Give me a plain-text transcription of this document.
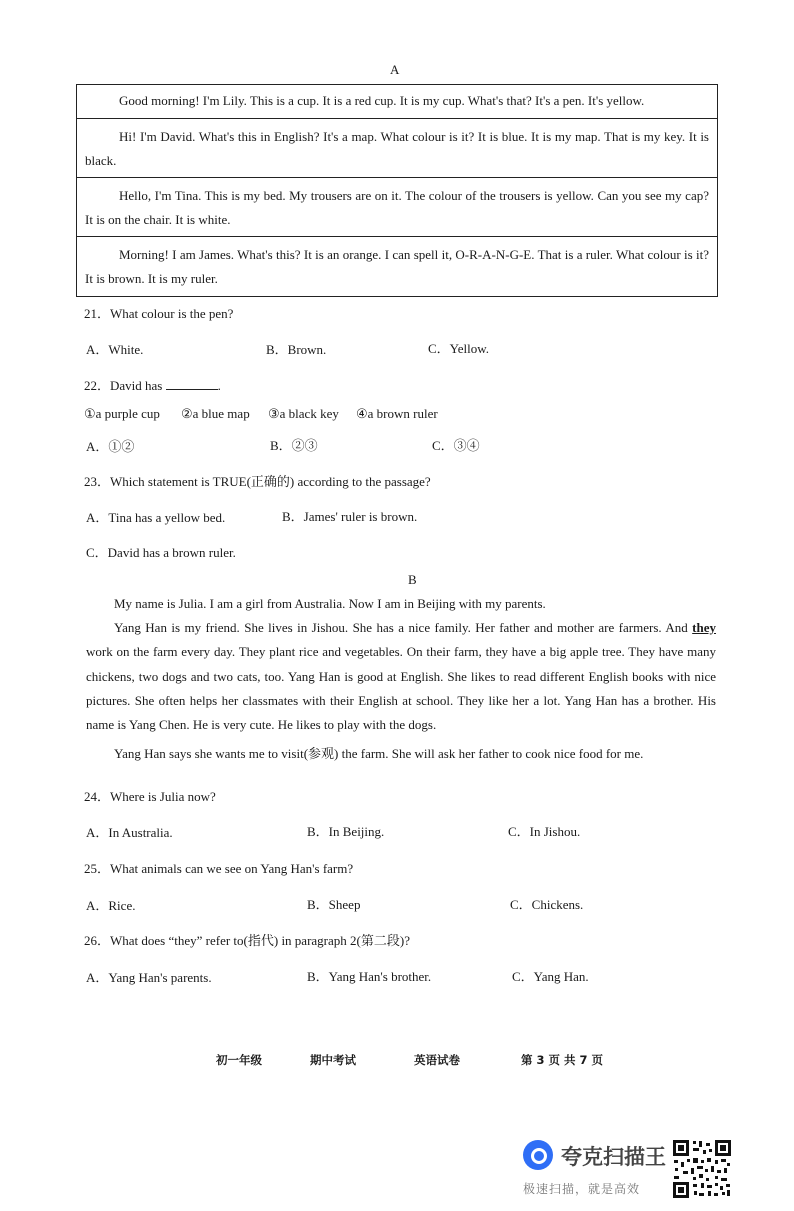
A

Good morning! I'm Lily. This is a cup. It is a red cup. It is my cup. What's that? It's a pen. It's yellow.

Hi! I'm David. What's this in English? It's a map. What colour is it? It is blue. It is my map. That is my key. It is black.

Hello, I'm Tina. This is my bed. My trousers are on it. The colour of the trousers is yellow. Can you see my cap? It is on the chair. It is white.

Morning! I am James. What's this? It is an orange. I can spell it, O-R-A-N-G-E. That is a ruler. What colour is it? It is brown. It is my ruler.

21．What colour is the pen?
A．White.	B．Brown.	C．Yellow.
22．David has	.
①a purple cup ②a blue map ③a black key ④a brown ruler
A．①②	B．②③	C．③④
23．Which statement is TRUE(正确的) according to the passage?
A．Tina has a yellow bed.	B．James' ruler is brown.
C．David has a brown ruler.
B

My name is Julia. I am a girl from Australia. Now I am in Beijing with my parents.

Yang Han is my friend. She lives in Jishou. She has a nice family. Her father and mother are farmers. And they work on the farm every day. They plant rice and vegetables. On their farm, they have a big apple tree. They have many chickens, two dogs and two cats, too. Yang Han is good at English. She likes to read different English books with nice pictures. She often helps her classmates with their English at school. They like her a lot. Yang Han has a brother. His name is Yang Chen. He is very cute. He likes to play with the dogs.

Yang Han says she wants me to visit(参观) the farm. She will ask her father to cook nice food for me.

24．Where is Julia now?
A．In Australia.	B．In Beijing.	C．In Jishou.
25．What animals can we see on Yang Han's farm?
A．Rice.	B．Sheep	C．Chickens.
26．What does “they” refer to(指代) in paragraph 2(第二段)?
A．Yang Han's parents.	B．Yang Han's brother.	C．Yang Han.
初一年级	期中考试	英语试卷	第 3 页 共 7 页
夸克扫描王
极速扫描，就是高效
